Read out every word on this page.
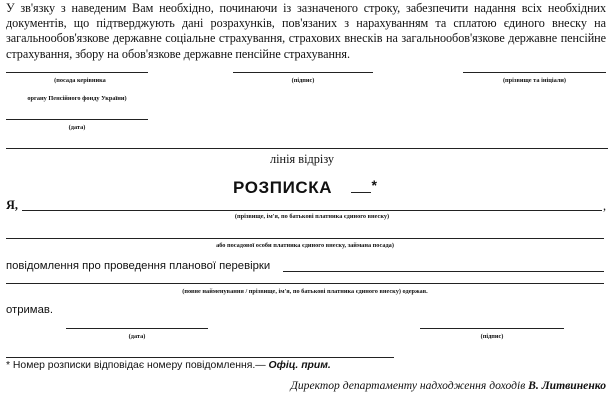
У зв'язку з наведеним Вам необхідно, починаючи із зазначеного строку, забезпечити надання всіх необхідних документів, що підтверджують дані розрахунків, пов'язаних з нарахуванням та сплатою єдиного внеску на загальнообов'язкове державне соціальне страхування, страхових внесків на загальнообов'язкове державне пенсійне страхування, збору на обов'язкове державне пенсійне страхування.
(посада керівника
органу Пенсійного фонду України)
(підпис)	(прізвище та ініціали)
(дата)
лінія відрізу
РОЗПИСКА	*
Я,	,
(прізвище, ім'я, по батькові платника єдиного внеску)
або посадової особи платника єдиного внеску, займана посада)
повідомлення про проведення планової перевірки
(повне найменування / прізвище, ім'я, по батькові платника єдиного внеску) одержав.
отримав.
(дата)	(підпис)
* Номер розписки відповідає номеру повідомлення.— Офіц. прим.
Директор департаменту надходження доходів В. Литвиненко
